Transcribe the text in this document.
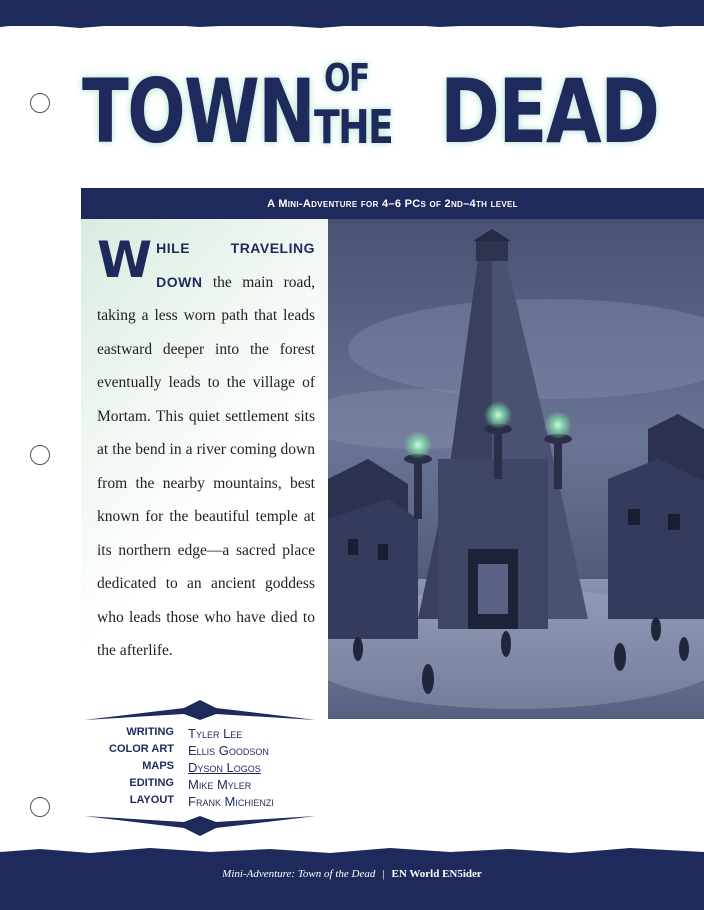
TOWN OF
THE DEAD
A Mini-Adventure for 4–6 PCs of 2nd–4th level
WHILE TRAVELING DOWN the main road, taking a less worn path that leads eastward deeper into the forest eventually leads to the village of Mortam. This quiet settlement sits at the bend in a river coming down from the nearby mountains, best known for the beautiful temple at its northern edge—a sacred place dedicated to an ancient goddess who leads those who have died to the afterlife.
WRITING Tyler Lee
COLOR ART Ellis Goodson
MAPS Dyson Logos
EDITING Mike Myler
LAYOUT Frank Michienzi
Mini-Adventure: Town of the Dead | EN World EN5ider
